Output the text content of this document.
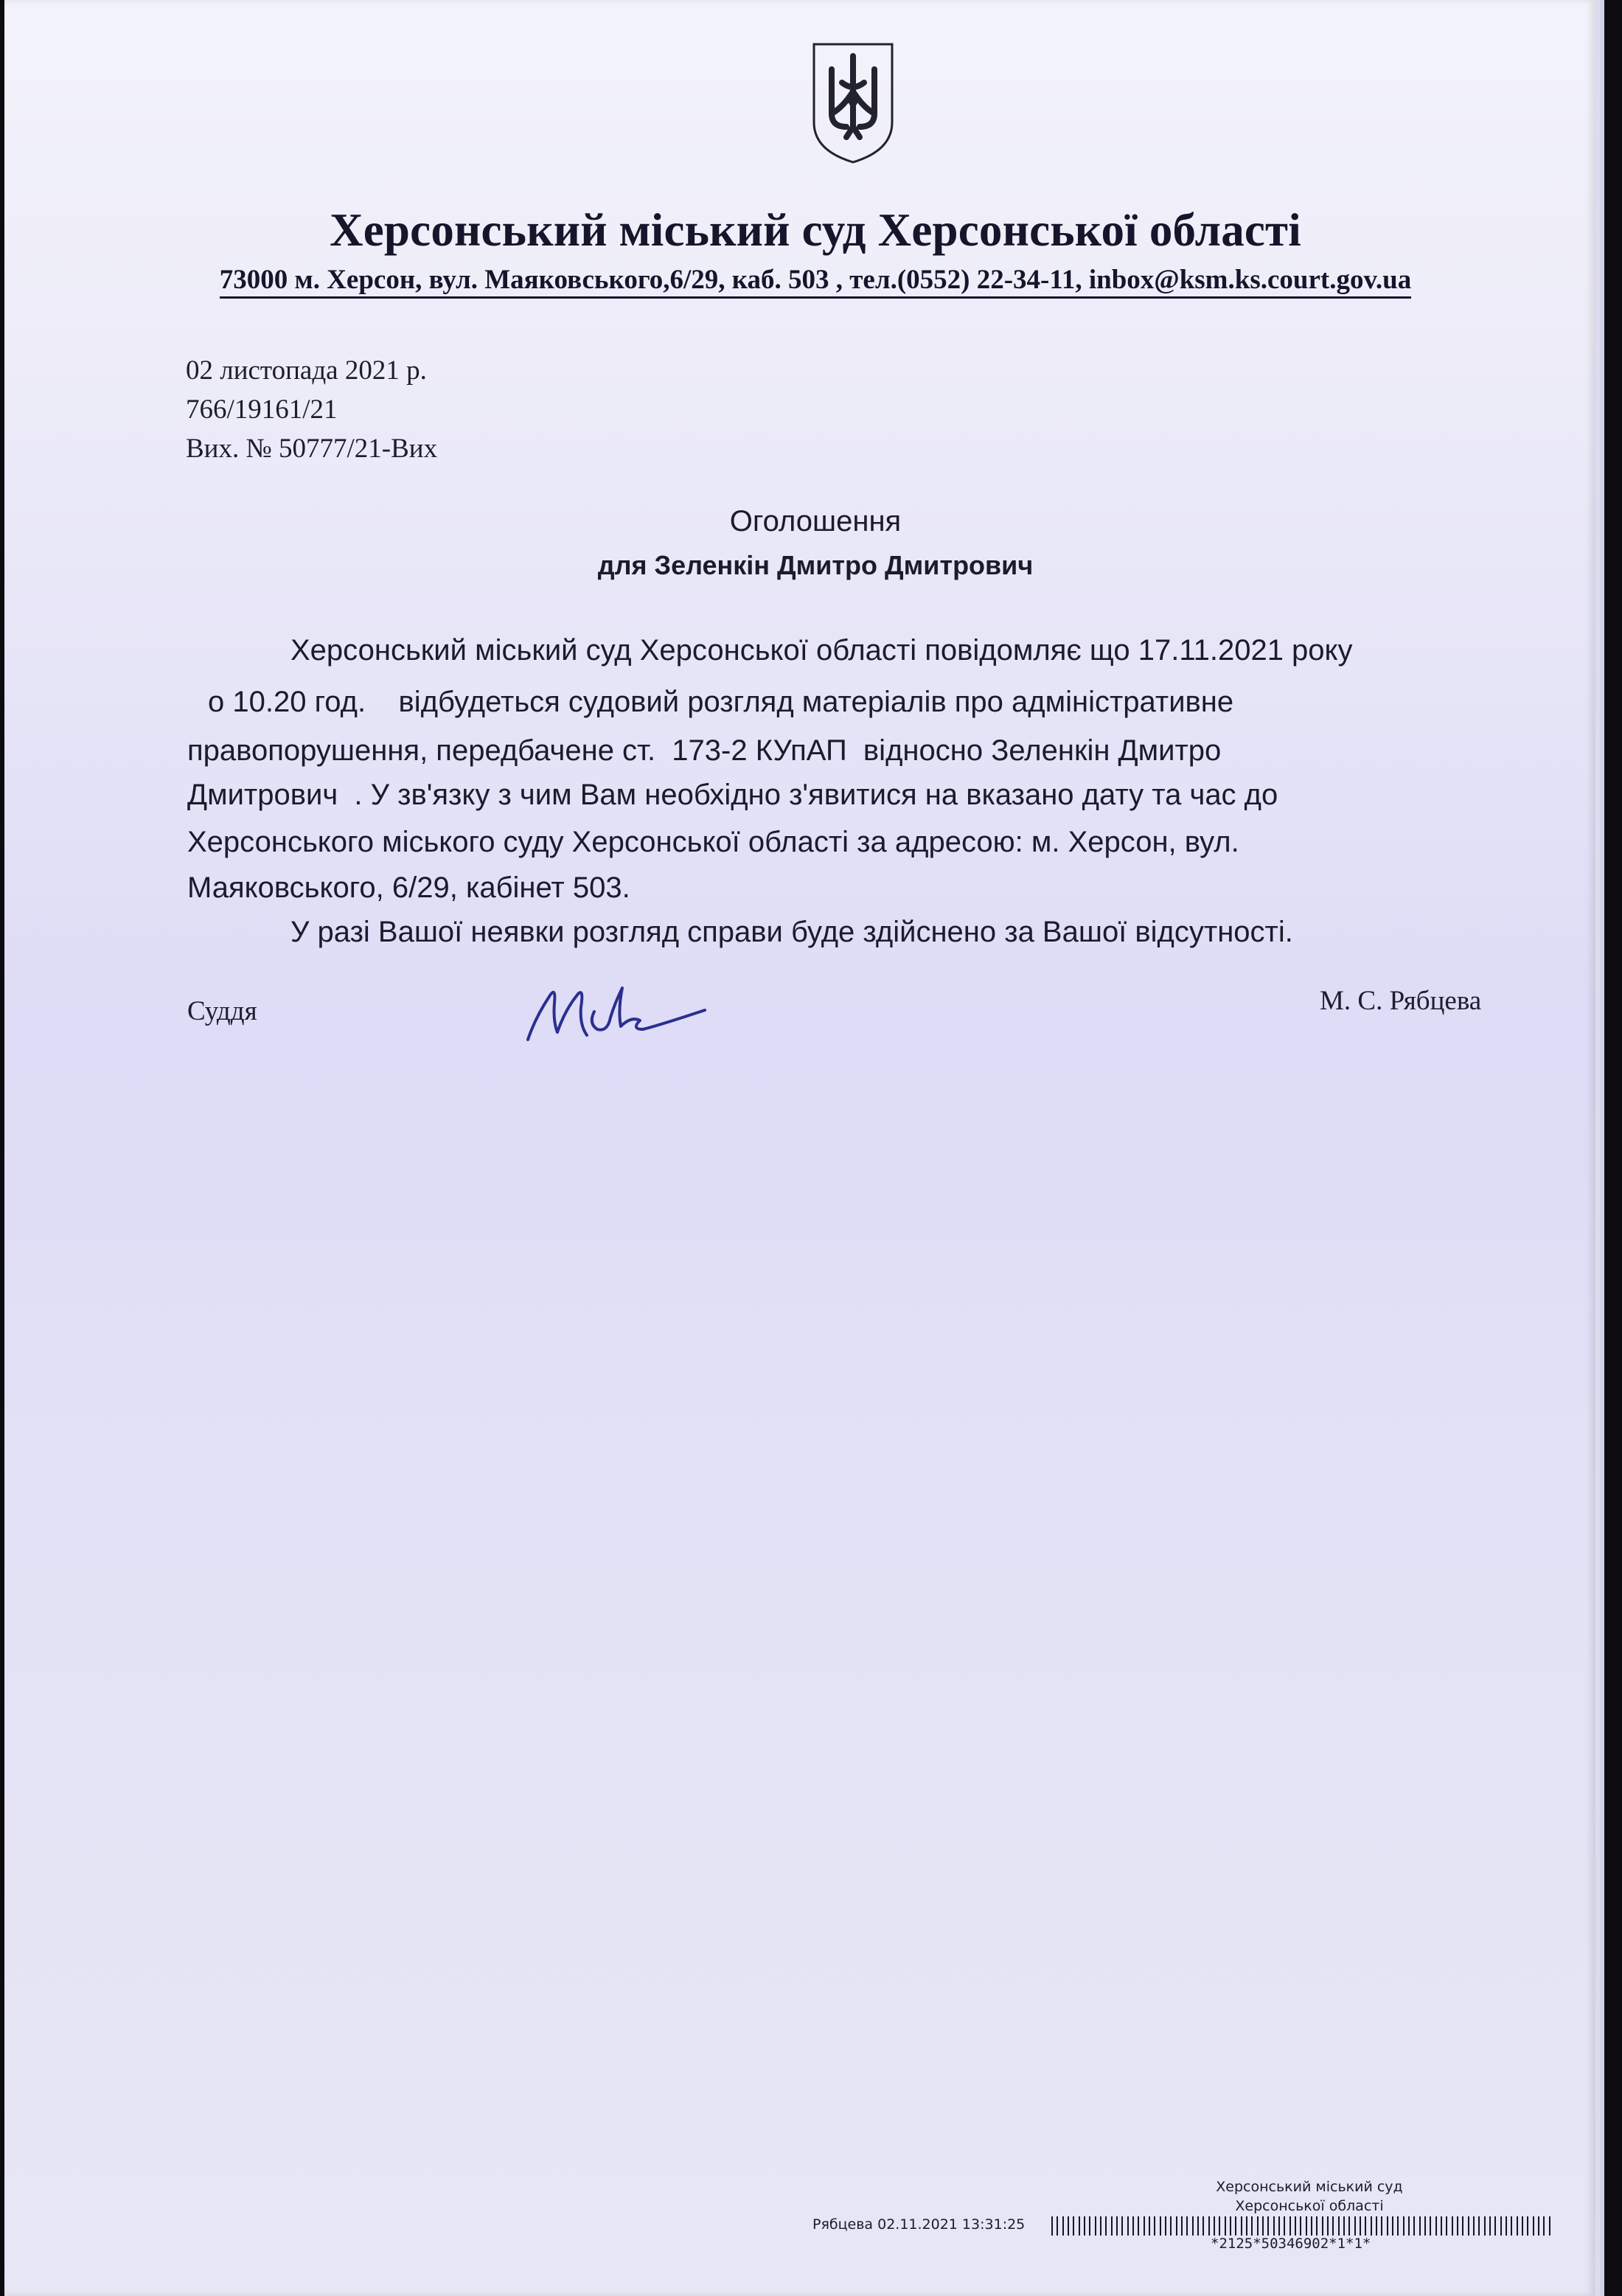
Херсонський міський суд Херсонської області
73000 м. Херсон, вул. Маяковського,6/29, каб. 503 , тел.(0552) 22-34-11, inbox@ksm.ks.court.gov.ua
02 листопада 2021 р.
766/19161/21
Вих. № 50777/21-Вих
Оголошення
для Зеленкін Дмитро Дмитрович
Херсонський міський суд Херсонської області повідомляє що 17.11.2021 року
о 10.20 год.    відбудеться судовий розгляд матеріалів про адміністративне
правопорушення, передбачене ст.  173-2 КУпАП  відносно Зеленкін Дмитро
Дмитрович  . У зв'язку з чим Вам необхідно з'явитися на вказано дату та час до
Херсонського міського суду Херсонської області за адресою: м. Херсон, вул.
Маяковського, 6/29, кабінет 503.
У разі Вашої неявки розгляд справи буде здійснено за Вашої відсутності.
Суддя	М. С. Рябцева
Херсонський міський суд
Херсонської області
Рябцева 02.11.2021 13:31:25
*2125*50346902*1*1*
